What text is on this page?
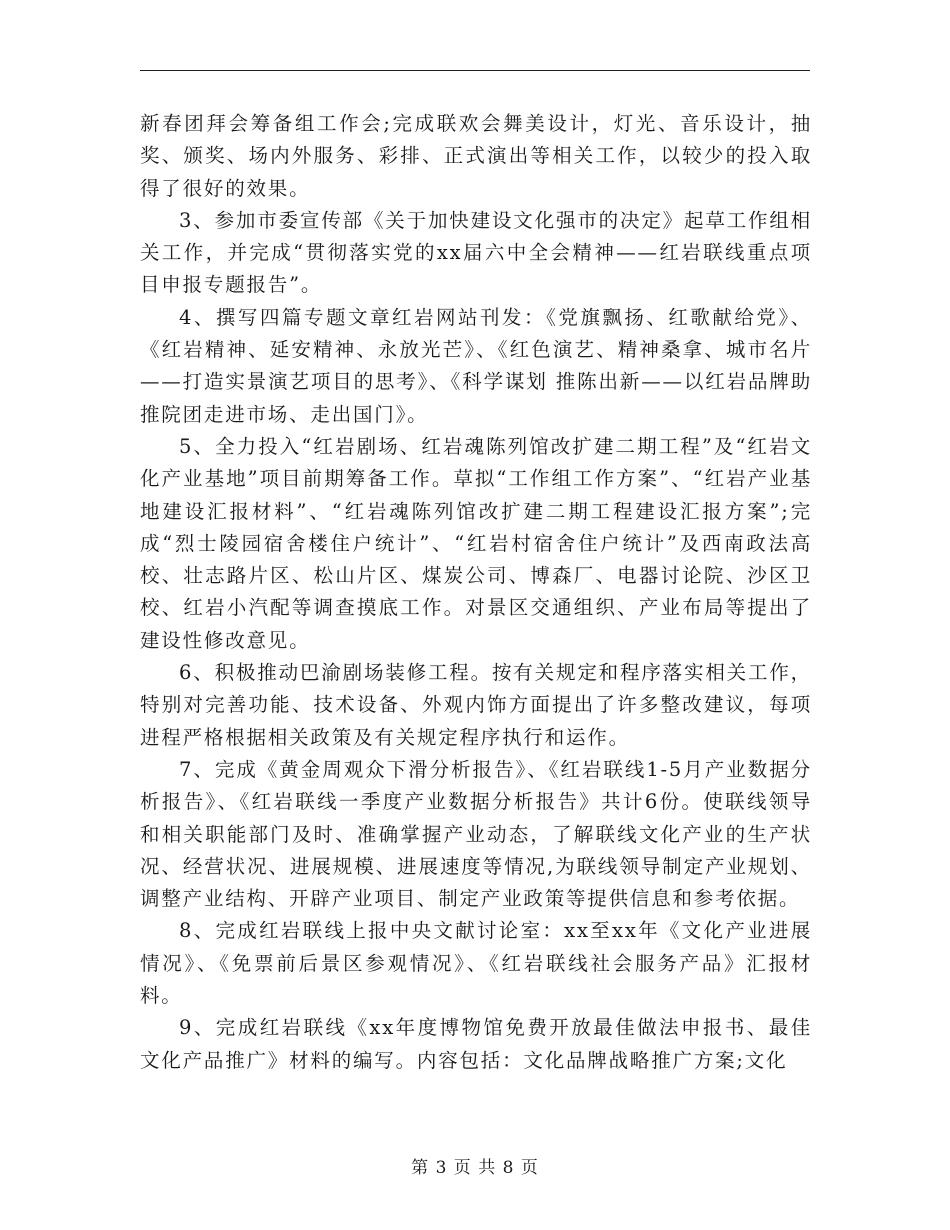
新春团拜会筹备组工作会;完成联欢会舞美设计，灯光、音乐设计，抽奖、颁奖、场内外服务、彩排、正式演出等相关工作，以较少的投入取得了很好的效果。

3、参加市委宣传部《关于加快建设文化强市的决定》起草工作组相关工作，并完成“贯彻落实党的xx届六中全会精神——红岩联线重点项目申报专题报告”。

4、撰写四篇专题文章红岩网站刊发：《党旗飘扬、红歌献给党》、《红岩精神、延安精神、永放光芒》、《红色演艺、精神桑拿、城市名片——打造实景演艺项目的思考》、《科学谋划 推陈出新——以红岩品牌助推院团走进市场、走出国门》。

5、全力投入“红岩剧场、红岩魂陈列馆改扩建二期工程”及“红岩文化产业基地”项目前期筹备工作。草拟“工作组工作方案”、“红岩产业基地建设汇报材料”、“红岩魂陈列馆改扩建二期工程建设汇报方案”;完成“烈士陵园宿舍楼住户统计”、“红岩村宿舍住户统计”及西南政法高校、壮志路片区、松山片区、煤炭公司、博森厂、电器讨论院、沙区卫校、红岩小汽配等调查摸底工作。对景区交通组织、产业布局等提出了建设性修改意见。

6、积极推动巴渝剧场装修工程。按有关规定和程序落实相关工作，特别对完善功能、技术设备、外观内饰方面提出了许多整改建议，每项进程严格根据相关政策及有关规定程序执行和运作。

7、完成《黄金周观众下滑分析报告》、《红岩联线1-5月产业数据分析报告》、《红岩联线一季度产业数据分析报告》共计6份。使联线领导和相关职能部门及时、准确掌握产业动态，了解联线文化产业的生产状况、经营状况、进展规模、进展速度等情况,为联线领导制定产业规划、调整产业结构、开辟产业项目、制定产业政策等提供信息和参考依据。

8、完成红岩联线上报中央文献讨论室：xx至xx年《文化产业进展情况》、《免票前后景区参观情况》、《红岩联线社会服务产品》汇报材料。

9、完成红岩联线《xx年度博物馆免费开放最佳做法申报书、最佳文化产品推广》材料的编写。内容包括：文化品牌战略推广方案;文化

第 3 页 共 8 页
